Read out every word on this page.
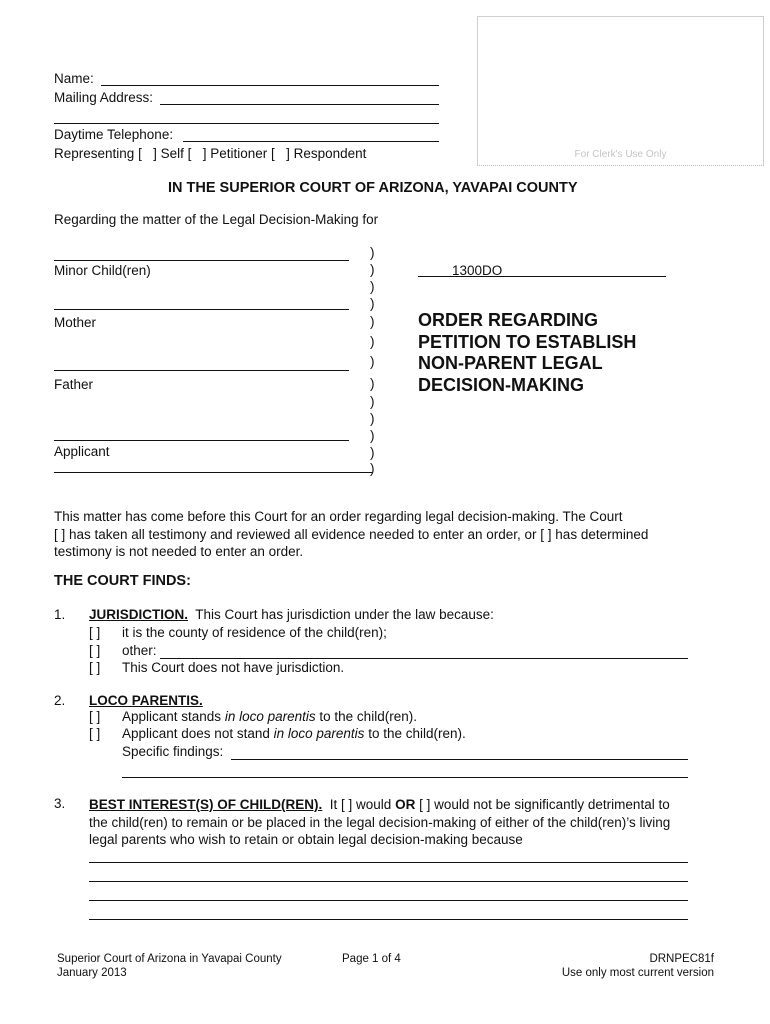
For Clerk's Use Only
Name:
Mailing Address:
Daytime Telephone:
Representing [ ] Self [ ] Petitioner [ ] Respondent
IN THE SUPERIOR COURT OF ARIZONA, YAVAPAI COUNTY
Regarding the matter of the Legal Decision-Making for
Minor Child(ren)
Mother
Father
Applicant
)
)
)
)
)
)
)
)
)
)
)
)
)
1300DO
ORDER REGARDING
PETITION TO ESTABLISH
NON-PARENT LEGAL
DECISION-MAKING
This matter has come before this Court for an order regarding legal decision-making. The Court
[ ] has taken all testimony and reviewed all evidence needed to enter an order, or [ ] has determined
testimony is not needed to enter an order.
THE COURT FINDS:
1. JURISDICTION. This Court has jurisdiction under the law because:
[ ] it is the county of residence of the child(ren);
[ ] other:
[ ] This Court does not have jurisdiction.
2. LOCO PARENTIS.
[ ] Applicant stands in loco parentis to the child(ren).
[ ] Applicant does not stand in loco parentis to the child(ren).
Specific findings:
3. BEST INTEREST(S) OF CHILD(REN). It [ ] would OR [ ] would not be significantly detrimental to
the child(ren) to remain or be placed in the legal decision-making of either of the child(ren)’s living
legal parents who wish to retain or obtain legal decision-making because
Superior Court of Arizona in Yavapai County
January 2013
Page 1 of 4	DRNPEC81f
Use only most current version
